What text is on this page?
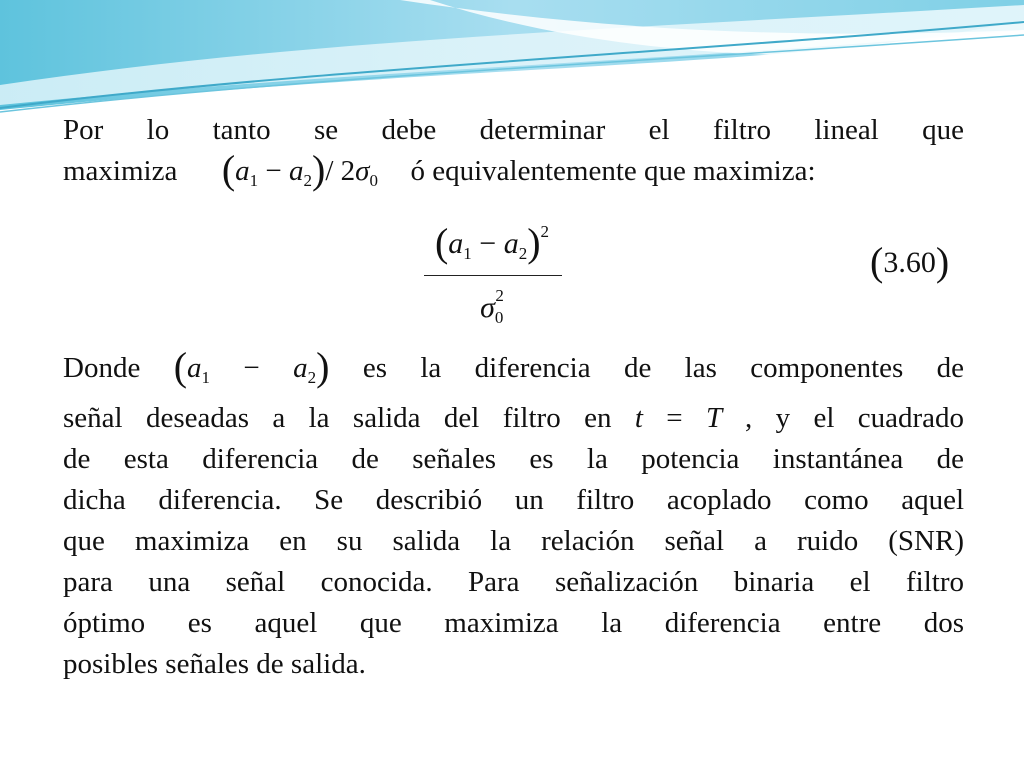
Por lo tanto se debe determinar el filtro lineal que
maximiza $(a_1 - a_2)/$ $2\sigma_0$ ó equivalentemente que maximiza:
$(a_1 - a_2)^2$
$\sigma_0^2$
(3.60)
Donde $(a_1 - a_2)$ es la diferencia de las componentes de
señal deseadas a la salida del filtro en t = T , y el cuadrado
de esta diferencia de señales es la potencia instantánea de
dicha diferencia. Se describió un filtro acoplado como aquel
que maximiza en su salida la relación señal a ruido (SNR)
para una señal conocida. Para señalización binaria el filtro
óptimo es aquel que maximiza la diferencia entre dos
posibles señales de salida.
